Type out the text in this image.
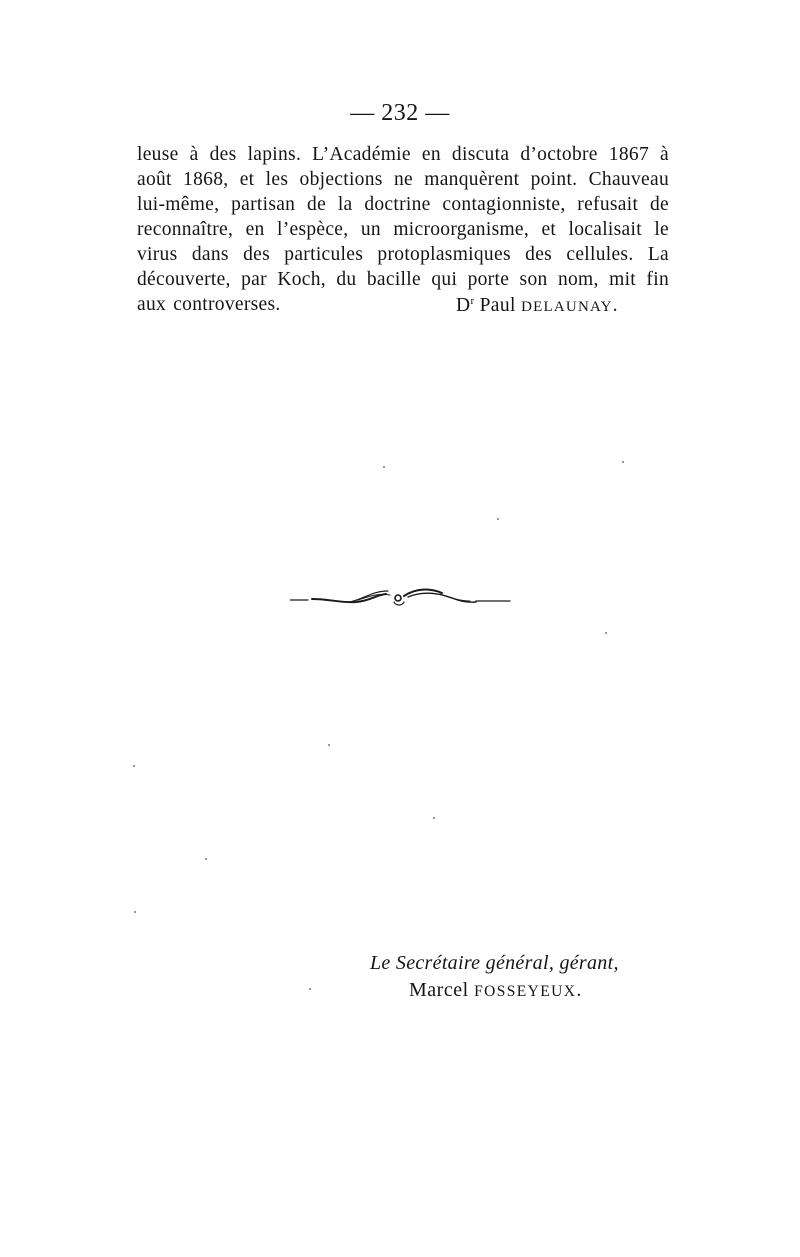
— 232 —
leuse à des lapins. L’Académie en discuta d’octobre 1867 à
août 1868, et les objections ne manquèrent point. Chauveau
lui-même, partisan de la doctrine contagionniste, refusait de
reconnaître, en l’espèce, un microorganisme, et localisait le
virus dans des particules protoplasmiques des cellules. La
découverte, par Koch, du bacille qui porte son nom, mit fin
aux controverses.	$D^r$ Paul DELAUNAY.
Le Secrétaire général, gérant,
Marcel FOSSEYEUX.
